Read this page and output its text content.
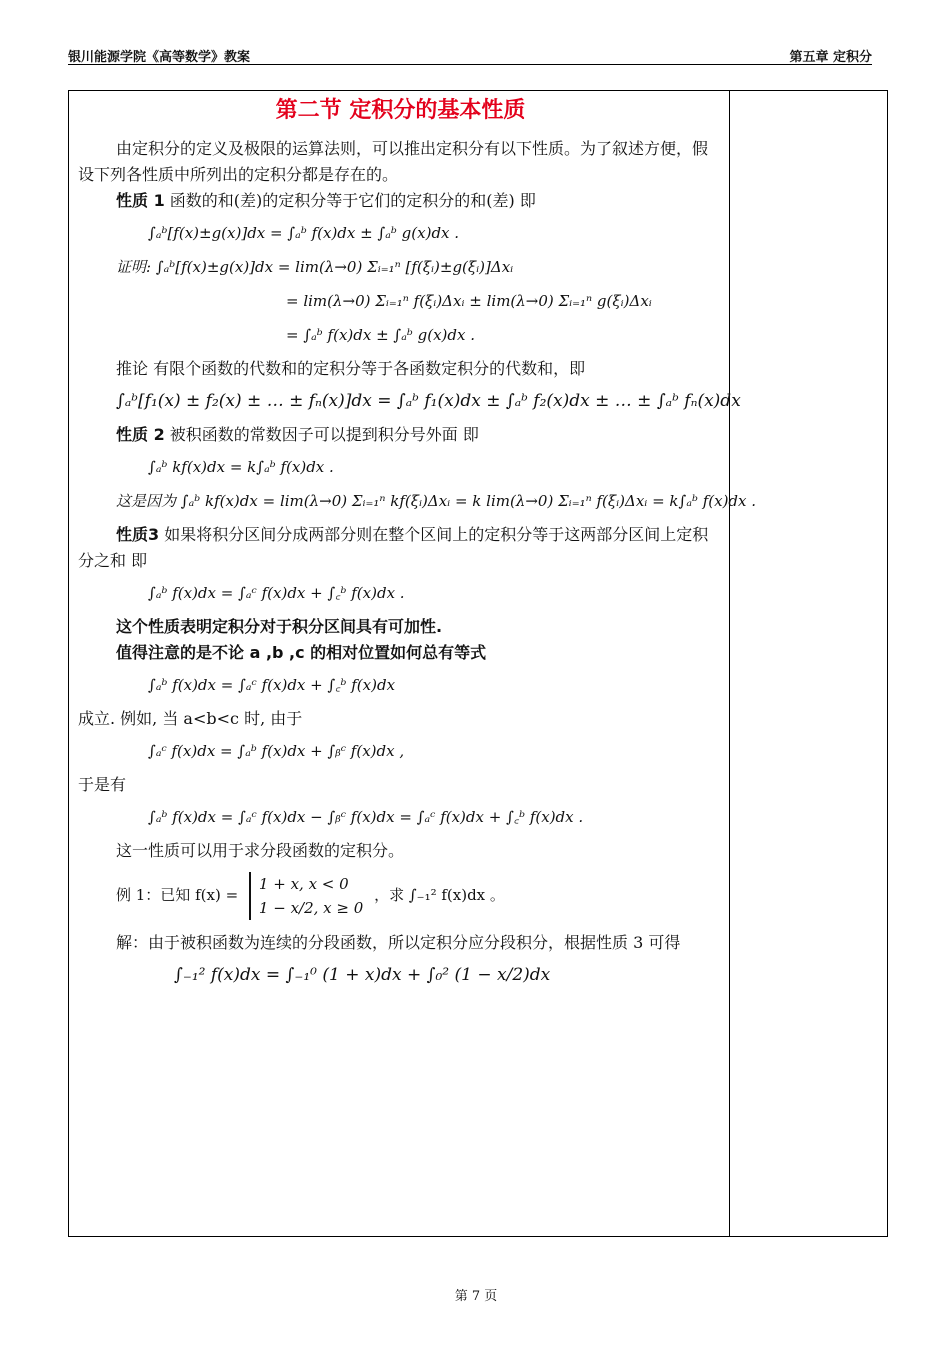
银川能源学院《高等数学》教案	第五章 定积分
第二节 定积分的基本性质

由定积分的定义及极限的运算法则，可以推出定积分有以下性质。为了叙述方便，假设下列各性质中所列出的定积分都是存在的。

性质 1 函数的和(差)的定积分等于它们的定积分的和(差) 即

∫ₐᵇ[f(x)±g(x)]dx = ∫ₐᵇ f(x)dx ± ∫ₐᵇ g(x)dx .
证明: ∫ₐᵇ[f(x)±g(x)]dx = lim(λ→0) Σᵢ₌₁ⁿ [f(ξᵢ)±g(ξᵢ)]Δxᵢ
= lim(λ→0) Σᵢ₌₁ⁿ f(ξᵢ)Δxᵢ ± lim(λ→0) Σᵢ₌₁ⁿ g(ξᵢ)Δxᵢ
= ∫ₐᵇ f(x)dx ± ∫ₐᵇ g(x)dx .

推论 有限个函数的代数和的定积分等于各函数定积分的代数和，即

∫ₐᵇ[f₁(x) ± f₂(x) ± … ± fₙ(x)]dx = ∫ₐᵇ f₁(x)dx ± ∫ₐᵇ f₂(x)dx ± … ± ∫ₐᵇ fₙ(x)dx

性质 2 被积函数的常数因子可以提到积分号外面 即

∫ₐᵇ kf(x)dx = k∫ₐᵇ f(x)dx .
这是因为 ∫ₐᵇ kf(x)dx = lim(λ→0) Σᵢ₌₁ⁿ kf(ξᵢ)Δxᵢ = k lim(λ→0) Σᵢ₌₁ⁿ f(ξᵢ)Δxᵢ = k∫ₐᵇ f(x)dx .

性质3 如果将积分区间分成两部分则在整个区间上的定积分等于这两部分区间上定积分之和 即

∫ₐᵇ f(x)dx = ∫ₐᶜ f(x)dx + ∫꜀ᵇ f(x)dx .

这个性质表明定积分对于积分区间具有可加性.

值得注意的是不论 a ,b ,c 的相对位置如何总有等式

∫ₐᵇ f(x)dx = ∫ₐᶜ f(x)dx + ∫꜀ᵇ f(x)dx

成立. 例如, 当 a<b<c 时, 由于

∫ₐᶜ f(x)dx = ∫ₐᵇ f(x)dx + ∫ᵦᶜ f(x)dx ,

于是有

∫ₐᵇ f(x)dx = ∫ₐᶜ f(x)dx − ∫ᵦᶜ f(x)dx = ∫ₐᶜ f(x)dx + ∫꜀ᵇ f(x)dx .

这一性质可以用于求分段函数的定积分。

例 1：已知 f(x) =
1 + x, x < 0
1 − x/2, x ≥ 0
，求 ∫₋₁² f(x)dx 。

解：由于被积函数为连续的分段函数，所以定积分应分段积分，根据性质 3 可得

∫₋₁² f(x)dx = ∫₋₁⁰ (1 + x)dx + ∫₀² (1 − x/2)dx
第 7 页
